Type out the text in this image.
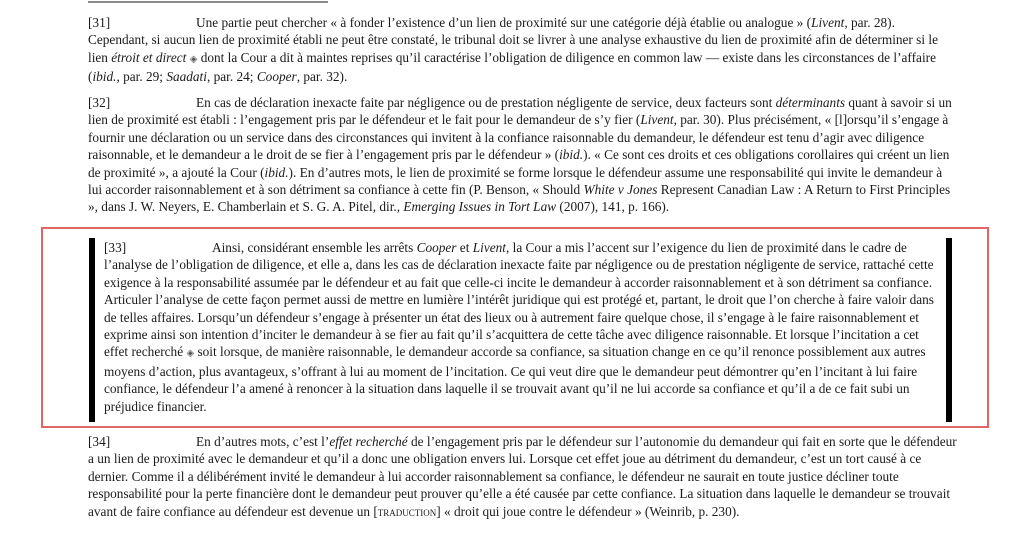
[31]	Une partie peut chercher « à fonder l’existence d’un lien de proximité sur une catégorie déjà établie ou analogue » (Livent, par. 28). Cependant, si aucun lien de proximité établi ne peut être constaté, le tribunal doit se livrer à une analyse exhaustive du lien de proximité afin de déterminer si le lien étroit et direct ◈ dont la Cour a dit à maintes reprises qu’il caractérise l’obligation de diligence en common law — existe dans les circonstances de l’affaire (ibid., par. 29; Saadati, par. 24; Cooper, par. 32).

[32]	En cas de déclaration inexacte faite par négligence ou de prestation négligente de service, deux facteurs sont déterminants quant à savoir si un lien de proximité est établi : l’engagement pris par le défendeur et le fait pour le demandeur de s’y fier (Livent, par. 30). Plus précisément, « [l]orsqu’il s’engage à fournir une déclaration ou un service dans des circonstances qui invitent à la confiance raisonnable du demandeur, le défendeur est tenu d’agir avec diligence raisonnable, et le demandeur a le droit de se fier à l’engagement pris par le défendeur » (ibid.). « Ce sont ces droits et ces obligations corollaires qui créent un lien de proximité », a ajouté la Cour (ibid.). En d’autres mots, le lien de proximité se forme lorsque le défendeur assume une responsabilité qui invite le demandeur à lui accorder raisonnablement et à son détriment sa confiance à cette fin (P. Benson, « Should White v Jones Represent Canadian Law : A Return to First Principles », dans J. W. Neyers, E. Chamberlain et S. G. A. Pitel, dir., Emerging Issues in Tort Law (2007), 141, p. 166).

[33]	Ainsi, considérant ensemble les arrêts Cooper et Livent, la Cour a mis l’accent sur l’exigence du lien de proximité dans le cadre de l’analyse de l’obligation de diligence, et elle a, dans les cas de déclaration inexacte faite par négligence ou de prestation négligente de service, rattaché cette exigence à la responsabilité assumée par le défendeur et au fait que celle-ci incite le demandeur à accorder raisonnablement et à son détriment sa confiance. Articuler l’analyse de cette façon permet aussi de mettre en lumière l’intérêt juridique qui est protégé et, partant, le droit que l’on cherche à faire valoir dans de telles affaires. Lorsqu’un défendeur s’engage à présenter un état des lieux ou à autrement faire quelque chose, il s’engage à le faire raisonnablement et exprime ainsi son intention d’inciter le demandeur à se fier au fait qu’il s’acquittera de cette tâche avec diligence raisonnable. Et lorsque l’incitation a cet effet recherché ◈ soit lorsque, de manière raisonnable, le demandeur accorde sa confiance, sa situation change en ce qu’il renonce possiblement aux autres moyens d’action, plus avantageux, s’offrant à lui au moment de l’incitation. Ce qui veut dire que le demandeur peut démontrer qu’en l’incitant à lui faire confiance, le défendeur l’a amené à renoncer à la situation dans laquelle il se trouvait avant qu’il ne lui accorde sa confiance et qu’il a de ce fait subi un préjudice financier.

[34]	En d’autres mots, c’est l’effet recherché de l’engagement pris par le défendeur sur l’autonomie du demandeur qui fait en sorte que le défendeur a un lien de proximité avec le demandeur et qu’il a donc une obligation envers lui. Lorsque cet effet joue au détriment du demandeur, c’est un tort causé à ce dernier. Comme il a délibérément invité le demandeur à lui accorder raisonnablement sa confiance, le défendeur ne saurait en toute justice décliner toute responsabilité pour la perte financière dont le demandeur peut prouver qu’elle a été causée par cette confiance. La situation dans laquelle le demandeur se trouvait avant de faire confiance au défendeur est devenue un [traduction] « droit qui joue contre le défendeur » (Weinrib, p. 230).
